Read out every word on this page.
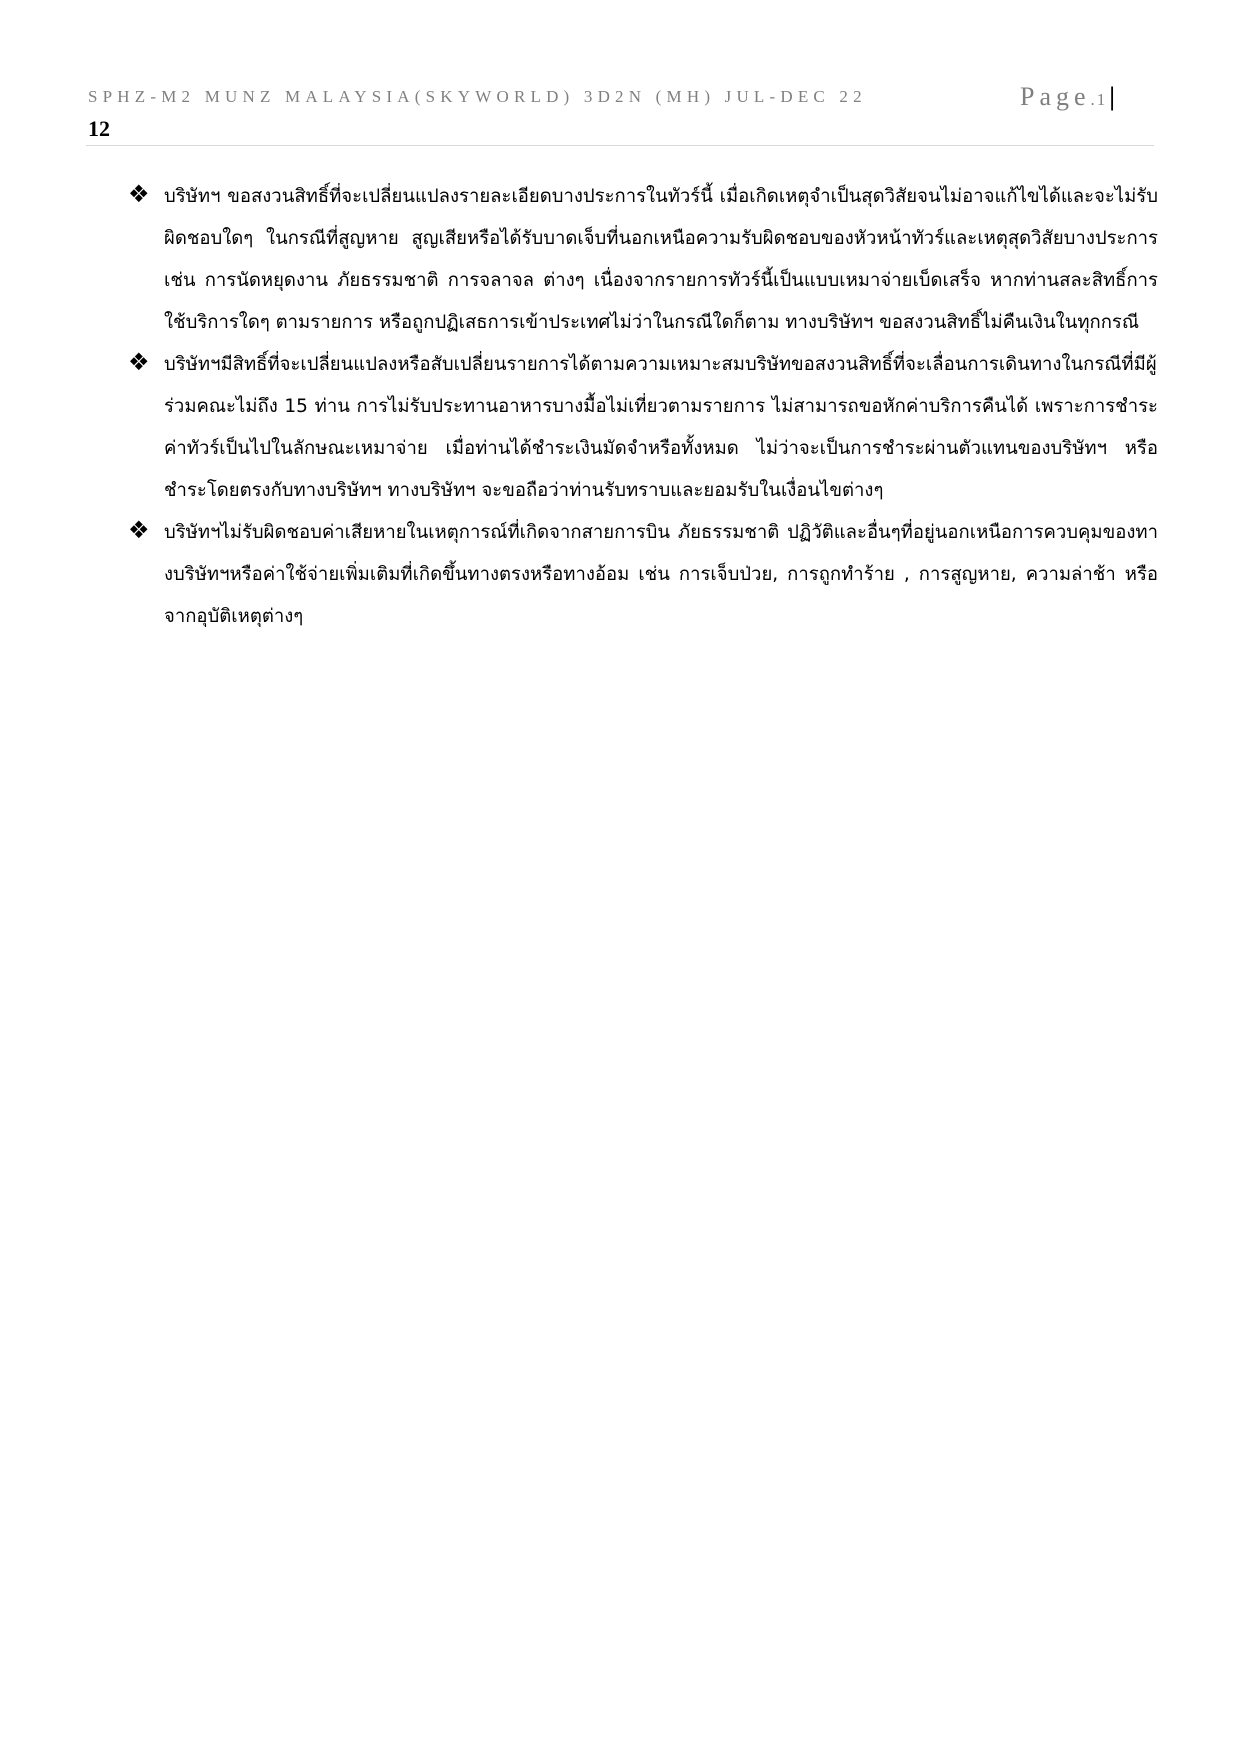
SPHZ-M2 MUNZ MALAYSIA(SKYWORLD) 3D2N (MH) JUL-DEC 22	Page.1|
12
❖ บริษัทฯ ขอสงวนสิทธิ์ที่จะเปลี่ยนแปลงรายละเอียดบางประการในทัวร์นี้ เมื่อเกิดเหตุจำเป็นสุดวิสัยจนไม่อาจแก้ไขได้และจะไม่รับผิดชอบใดๆ ในกรณีที่สูญหาย สูญเสียหรือได้รับบาดเจ็บที่นอกเหนือความรับผิดชอบของหัวหน้าทัวร์และเหตุสุดวิสัยบางประการ เช่น การนัดหยุดงาน ภัยธรรมชาติ การจลาจล ต่างๆ เนื่องจากรายการทัวร์นี้เป็นแบบเหมาจ่ายเบ็ดเสร็จ หากท่านสละสิทธิ์การใช้บริการใดๆ ตามรายการ หรือถูกปฏิเสธการเข้าประเทศไม่ว่าในกรณีใดก็ตาม ทางบริษัทฯ ขอสงวนสิทธิ์ไม่คืนเงินในทุกกรณี
❖ บริษัทฯมีสิทธิ์ที่จะเปลี่ยนแปลงหรือสับเปลี่ยนรายการได้ตามความเหมาะสมบริษัทขอสงวนสิทธิ์ที่จะเลื่อนการเดินทางในกรณีที่มีผู้ร่วมคณะไม่ถึง 15 ท่าน การไม่รับประทานอาหารบางมื้อไม่เที่ยวตามรายการ ไม่สามารถขอหักค่าบริการคืนได้ เพราะการชำระค่าทัวร์เป็นไปในลักษณะเหมาจ่าย เมื่อท่านได้ชำระเงินมัดจำหรือทั้งหมด ไม่ว่าจะเป็นการชำระผ่านตัวแทนของบริษัทฯ หรือชำระโดยตรงกับทางบริษัทฯ ทางบริษัทฯ จะขอถือว่าท่านรับทราบและยอมรับในเงื่อนไขต่างๆ
❖ บริษัทฯไม่รับผิดชอบค่าเสียหายในเหตุการณ์ที่เกิดจากสายการบิน ภัยธรรมชาติ ปฏิวัติและอื่นๆที่อยู่นอกเหนือการควบคุมของทางบริษัทฯหรือค่าใช้จ่ายเพิ่มเติมที่เกิดขึ้นทางตรงหรือทางอ้อม เช่น การเจ็บป่วย, การถูกทำร้าย , การสูญหาย, ความล่าช้า หรือจากอุบัติเหตุต่างๆ
